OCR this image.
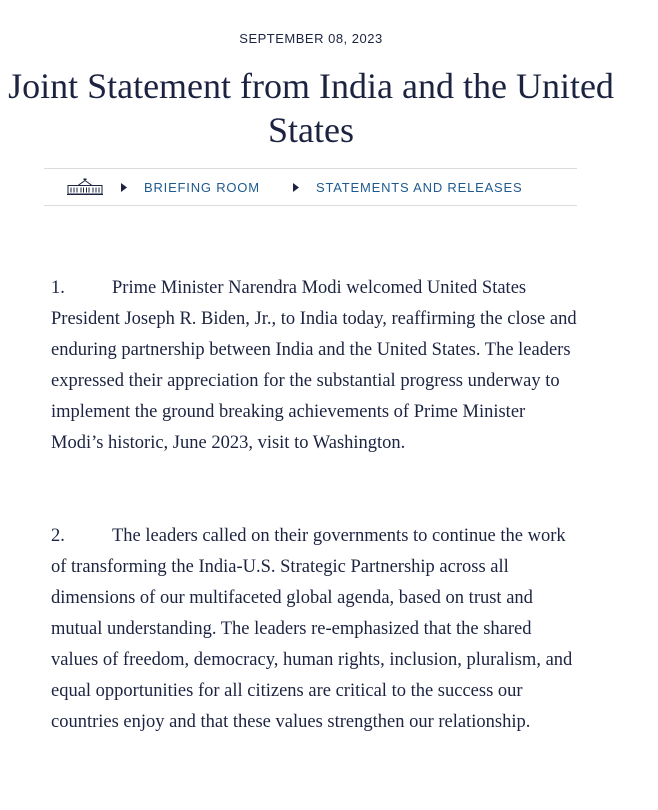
SEPTEMBER 08, 2023

Joint Statement from India and the United States
BRIEFING ROOM	STATEMENTS AND RELEASES

1.	Prime Minister Narendra Modi welcomed United States President Joseph R. Biden, Jr., to India today, reaffirming the close and enduring partnership between India and the United States. The leaders expressed their appreciation for the substantial progress underway to implement the ground breaking achievements of Prime Minister Modi’s historic, June 2023, visit to Washington.

2.	The leaders called on their governments to continue the work of transforming the India-U.S. Strategic Partnership across all dimensions of our multifaceted global agenda, based on trust and mutual understanding. The leaders re-emphasized that the shared values of freedom, democracy, human rights, inclusion, pluralism, and equal opportunities for all citizens are critical to the success our countries enjoy and that these values strengthen our relationship.
